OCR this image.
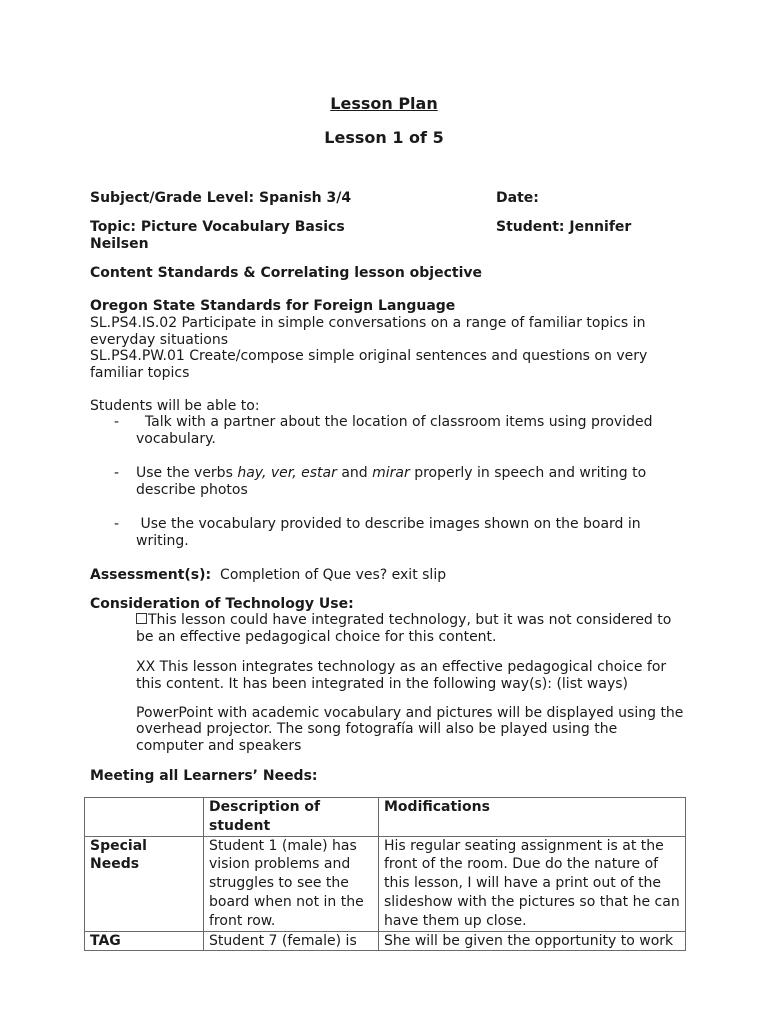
Lesson Plan
Lesson 1 of 5
Subject/Grade Level: Spanish 3/4	Date:
Topic: Picture Vocabulary Basics	Student: Jennifer
Neilsen
Content Standards & Correlating lesson objective
Oregon State Standards for Foreign Language
SL.PS4.IS.02 Participate in simple conversations on a range of familiar topics in
everyday situations
SL.PS4.PW.01 Create/compose simple original sentences and questions on very
familiar topics
Students will be able to:
- Talk with a partner about the location of classroom items using provided
vocabulary.
- Use the verbs hay, ver, estar and mirar properly in speech and writing to
describe photos
- Use the vocabulary provided to describe images shown on the board in
writing.
Assessment(s): Completion of Que ves? exit slip
Consideration of Technology Use:
This lesson could have integrated technology, but it was not considered to
be an effective pedagogical choice for this content.
XX This lesson integrates technology as an effective pedagogical choice for
this content. It has been integrated in the following way(s): (list ways)
PowerPoint with academic vocabulary and pictures will be displayed using the
overhead projector. The song fotografía will also be played using the
computer and speakers
Meeting all Learners’ Needs:
	Description of student	Modifications
Special Needs	Student 1 (male) has vision problems and struggles to see the board when not in the front row.	His regular seating assignment is at the front of the room. Due do the nature of this lesson, I will have a print out of the slideshow with the pictures so that he can have them up close.
TAG	Student 7 (female) is	She will be given the opportunity to work
